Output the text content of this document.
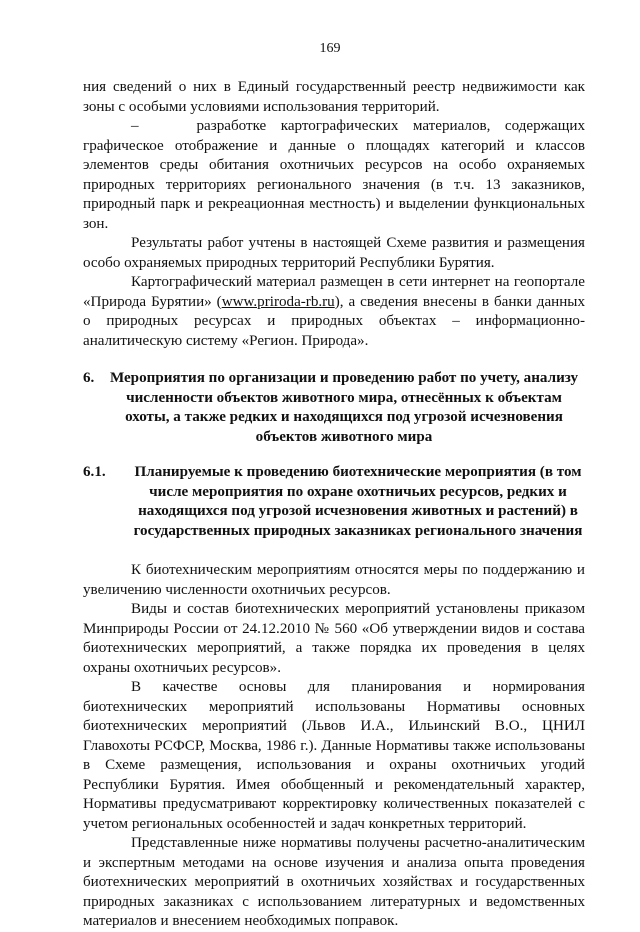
169

ния сведений о них в Единый государственный реестр недвижимости как зоны с особыми условиями использования территорий.

–    разработке картографических материалов, содержащих графическое отображение и данные о площадях категорий и классов элементов среды обитания охотничьих ресурсов на особо охраняемых природных территориях регионального значения (в т.ч. 13 заказников, природный парк и рекреационная местность) и выделении функциональных зон.

Результаты работ учтены в настоящей Схеме развития и размещения особо охраняемых природных территорий Республики Бурятия.

Картографический материал размещен в сети интернет на геопортале «Природа Бурятии» (www.priroda-rb.ru), а сведения внесены в банки данных о природных ресурсах и природных объектах – информационно-аналитическую систему «Регион. Природа».

6.	Мероприятия по организации и проведению работ по учету, анализу численности объектов животного мира, отнесённых к объектам охоты, а также редких и находящихся под угрозой исчезновения объектов животного мира
6.1.	Планируемые к проведению биотехнические мероприятия (в том числе мероприятия по охране охотничьих ресурсов, редких и находящихся под угрозой исчезновения животных и растений) в государственных природных заказниках регионального значения

К биотехническим мероприятиям относятся меры по поддержанию и увеличению численности охотничьих ресурсов.

Виды и состав биотехнических мероприятий установлены приказом Минприроды России от 24.12.2010 № 560 «Об утверждении видов и состава биотехнических мероприятий, а также порядка их проведения в целях охраны охотничьих ресурсов».

В качестве основы для планирования и нормирования биотехнических мероприятий использованы Нормативы основных биотехнических мероприятий (Львов И.А., Ильинский В.О., ЦНИЛ Главохоты РСФСР, Москва, 1986 г.). Данные Нормативы также использованы в Схеме размещения, использования и охраны охотничьих угодий Республики Бурятия. Имея обобщенный и рекомендательный характер, Нормативы предусматривают корректировку количественных показателей с учетом региональных особенностей и задач конкретных территорий.

Представленные ниже нормативы получены расчетно-аналитическим и экспертным методами на основе изучения и анализа опыта проведения биотехнических мероприятий в охотничьих хозяйствах и государственных природных заказниках с использованием литературных и ведомственных материалов и внесением необходимых поправок.
